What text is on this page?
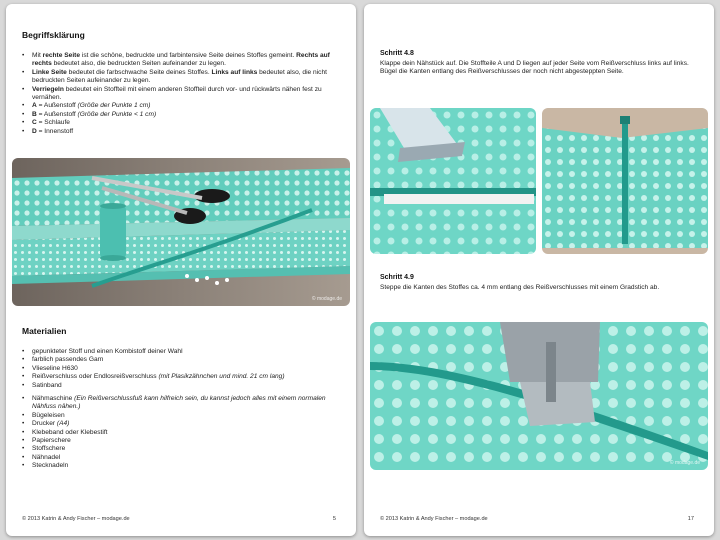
Begriffsklärung
• Mit rechte Seite ist die schöne, bedruckte und farbintensive Seite deines Stoffes gemeint. Rechts auf rechts bedeutet also, die bedruckten Seiten aufeinander zu legen.
• Linke Seite bedeutet die farbschwache Seite deines Stoffes. Links auf links bedeutet also, die nicht bedruckten Seiten aufeinander zu legen.
• Verriegeln bedeutet ein Stoffteil mit einem anderen Stoffteil durch vor- und rückwärts nähen fest zu vernähen.
• A = Außenstoff (Größe der Punkte 1 cm)
• B = Außenstoff (Größe der Punkte < 1 cm)
• C = Schlaufe
• D = Innenstoff
© modage.de
Materialien
• gepunkteter Stoff und einen Kombistoff deiner Wahl
• farblich passendes Garn
• Vlieseline H630
• Reißverschluss oder Endlosreißverschluss (mit Plasikzähnchen und mind. 21 cm lang)
• Satinband
• Nähmaschine (Ein Reißverschlussfuß kann hilfreich sein, du kannst jedoch alles mit einem normalen Nähfuss nähen.)
• Bügeleisen
• Drucker (A4)
• Klebeband oder Klebestift
• Papierschere
• Stoffschere
• Nähnadel
• Stecknadeln
© 2013 Katrin & Andy Fischer – modage.de	5
Schritt 4.8
Klappe dein Nähstück auf. Die Stoffteile A und D liegen auf jeder Seite vom Reißverschluss links auf links. Bügel die Kanten entlang des Reißverschlusses der noch nicht abgesteppten Seite.
Schritt 4.9
Steppe die Kanten des Stoffes ca. 4 mm entlang des Reißverschlusses mit einem Gradstich ab.
© modage.de
© 2013 Katrin & Andy Fischer – modage.de	17
